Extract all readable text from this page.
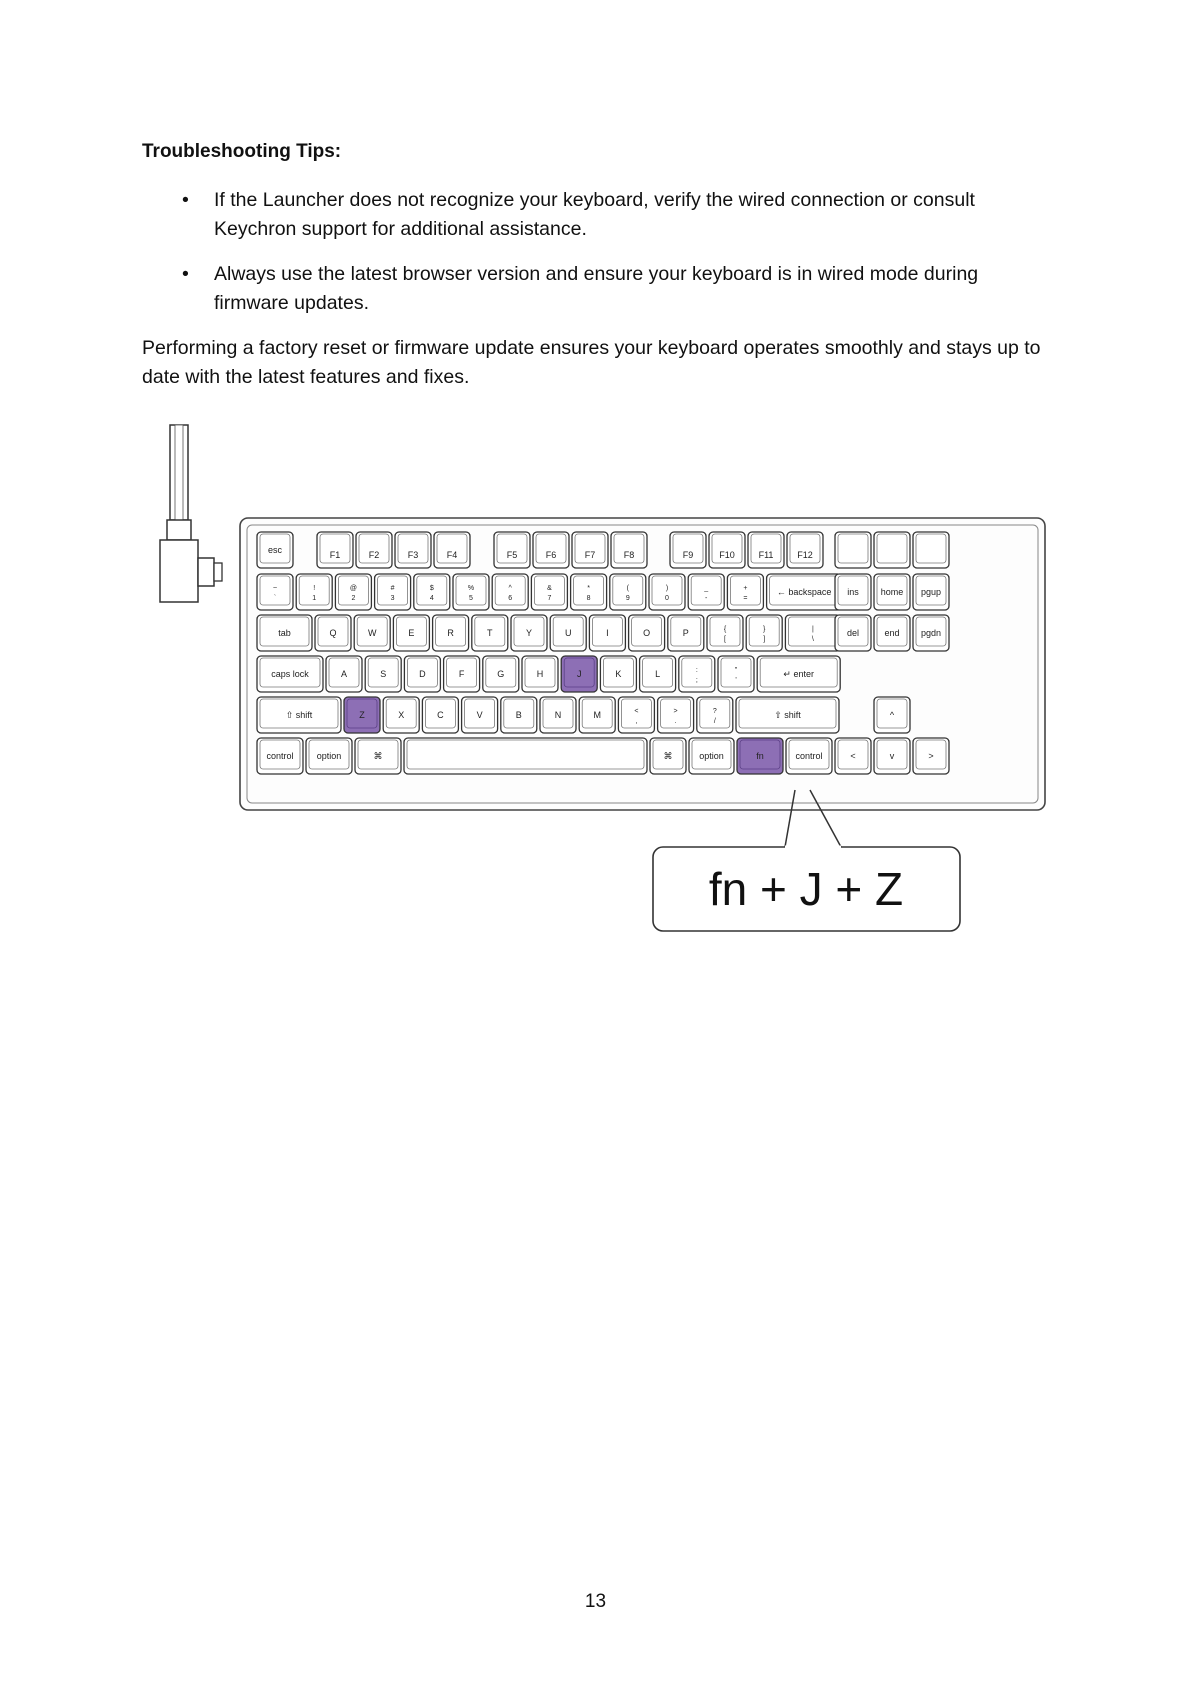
Troubleshooting Tips:
• If the Launcher does not recognize your keyboard, verify the wired connection or consult Keychron support for additional assistance.
• Always use the latest browser version and ensure your keyboard is in wired mode during firmware updates.

Performing a factory reset or firmware update ensures your keyboard operates smoothly and stays up to date with the latest features and fixes.

esc	F1	F2	F3	F4	F5	F6	F7	F8	F9	F10	F11	F12
~
`
!
1
@
2
#
3
$
4
%
5
^
6
&
7
*
8
(
9
)
0
_
-
+
=
← backspace ins home pgup
tab	Q	W	E	R	T	Y	U	I	O	P	{
[
}
]
|
\
del	end pgdn
caps lock	A	S	D	F	G	H	J	K	L	:
;
"
'
↵ enter
⇧ shift	Z	X	C	V	B	N	M	<
,
>
.
?
/
⇧ shift	^
control	option	⌘	⌘	option	fn	control	<	v	>
fn + J + Z
13
